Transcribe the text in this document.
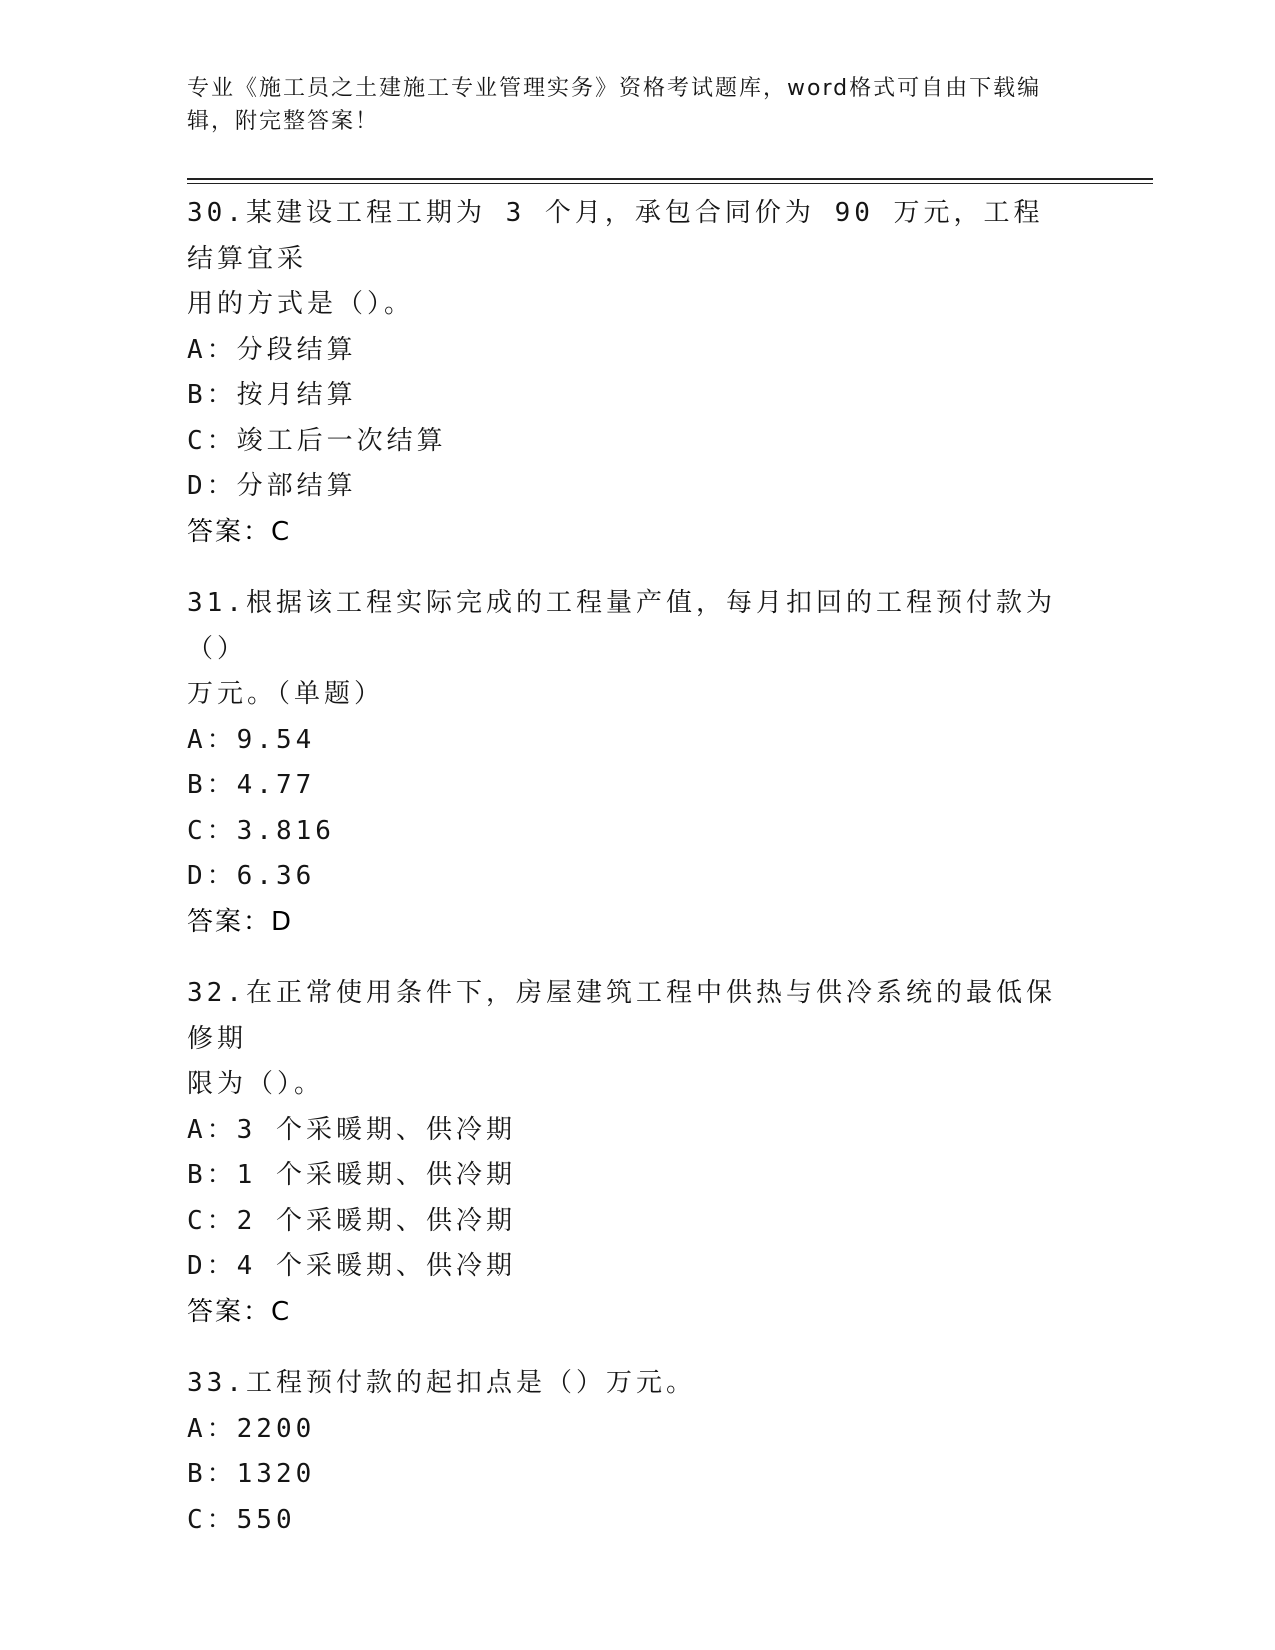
专业《施工员之土建施工专业管理实务》资格考试题库，word格式可自由下载编
辑，附完整答案！
30.某建设工程工期为 3 个月，承包合同价为 90 万元，工程结算宜采
用的方式是（）。
A：分段结算
B：按月结算
C：竣工后一次结算
D：分部结算
答案：C
31.根据该工程实际完成的工程量产值，每月扣回的工程预付款为（）
万元。（单题）
A：9.54
B：4.77
C：3.816
D：6.36
答案：D
32.在正常使用条件下，房屋建筑工程中供热与供冷系统的最低保修期
限为（）。
A：3 个采暖期、供冷期
B：1 个采暖期、供冷期
C：2 个采暖期、供冷期
D：4 个采暖期、供冷期
答案：C
33.工程预付款的起扣点是（）万元。
A：2200
B：1320
C：550
